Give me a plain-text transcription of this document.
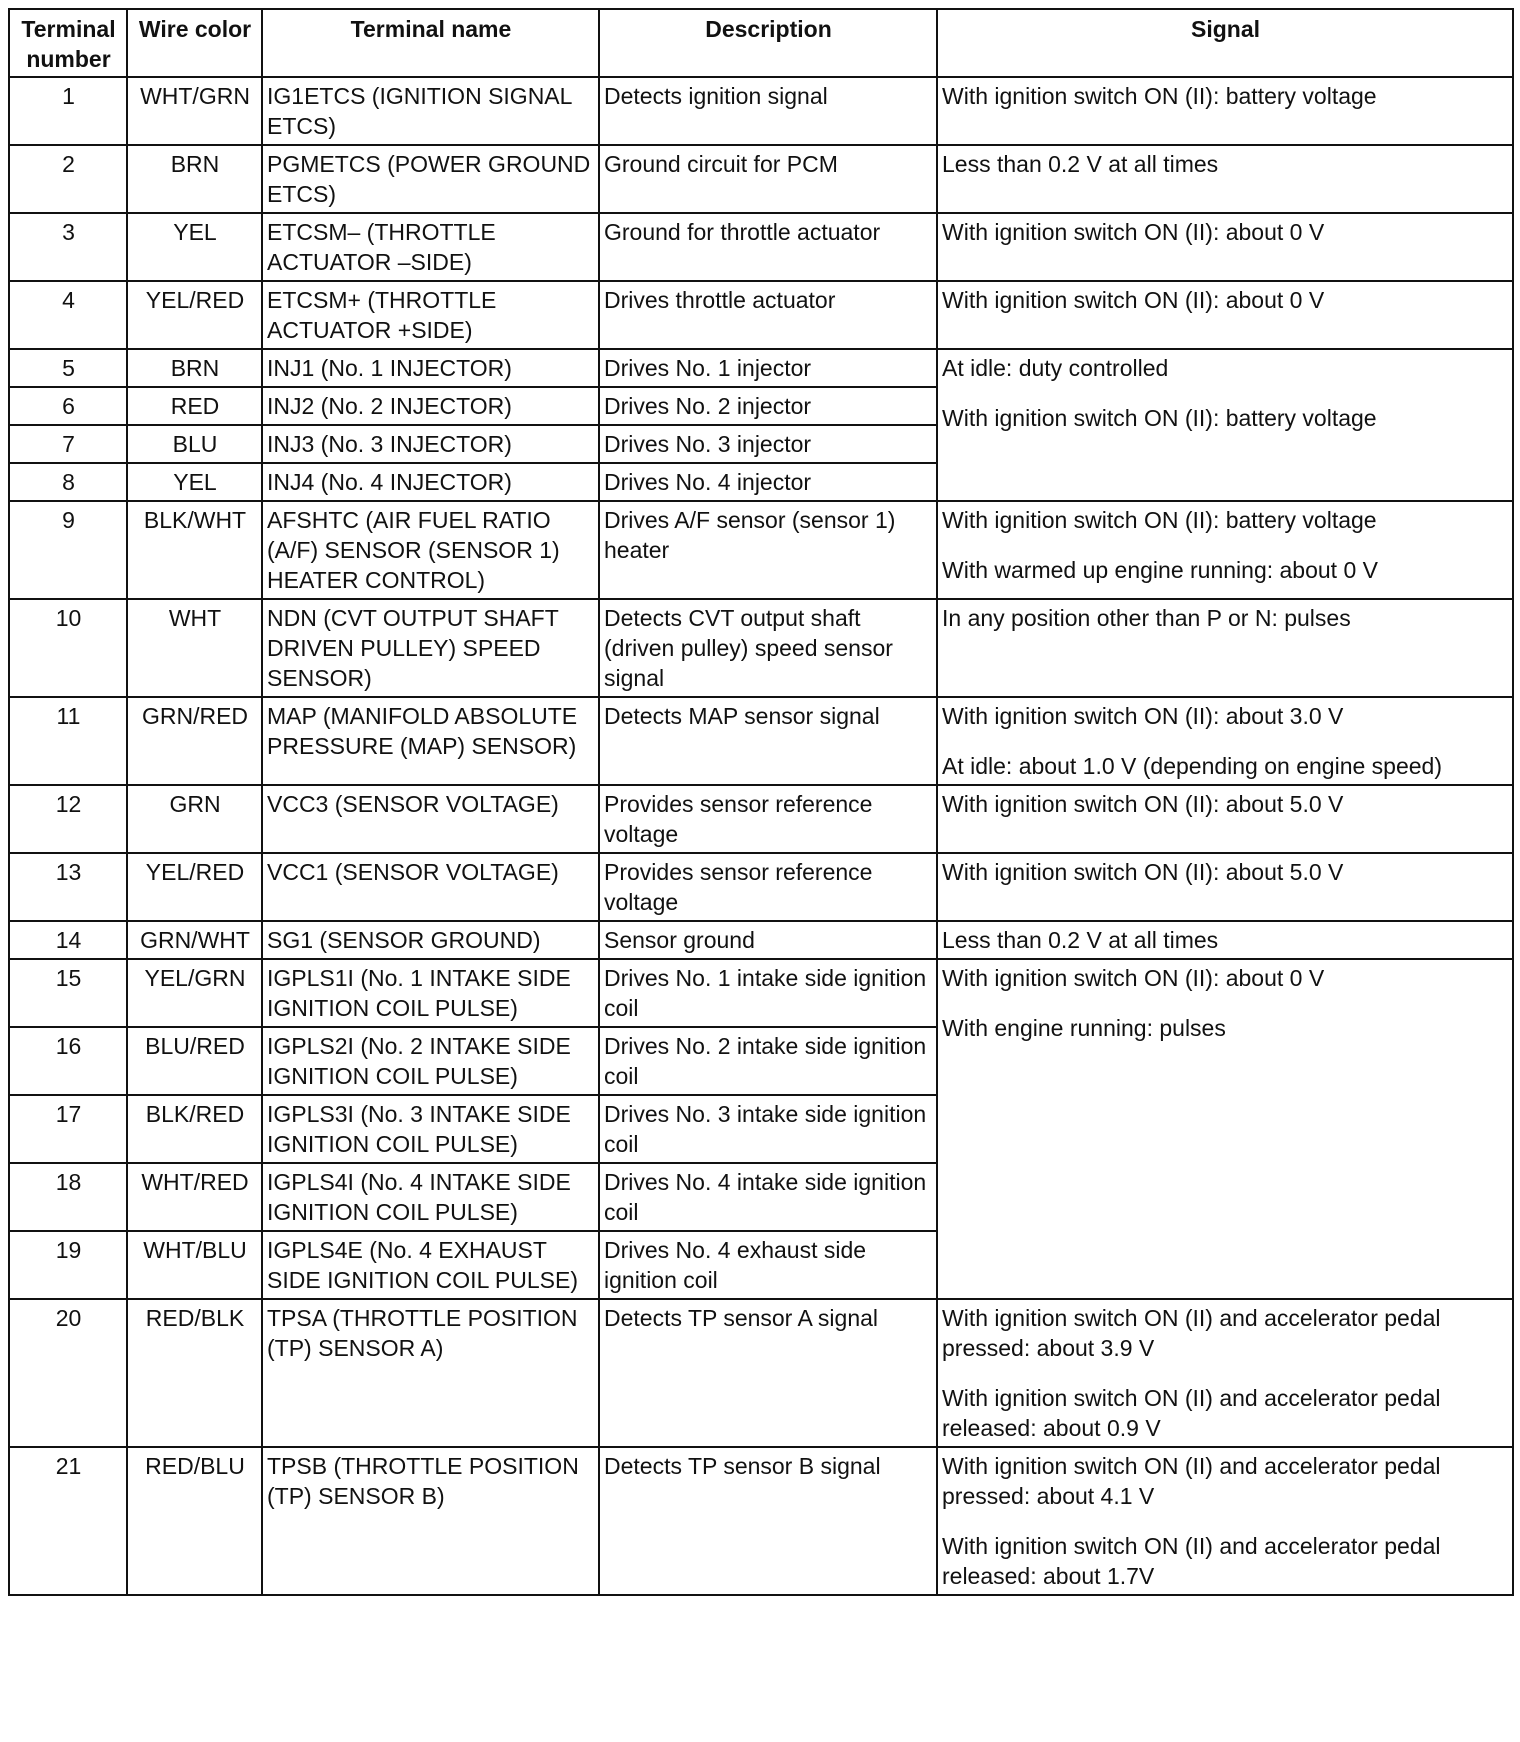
Terminal number	Wire color	Terminal name	Description	Signal
1	WHT/GRN	IG1ETCS (IGNITION SIGNAL ETCS)	Detects ignition signal	With ignition switch ON (II): battery voltage

2	BRN	PGMETCS (POWER GROUND ETCS)	Ground circuit for PCM	Less than 0.2 V at all times

3	YEL	ETCSM– (THROTTLE ACTUATOR –SIDE)	Ground for throttle actuator	With ignition switch ON (II): about 0 V

4	YEL/RED	ETCSM+ (THROTTLE ACTUATOR +SIDE)	Drives throttle actuator	With ignition switch ON (II): about 0 V

5	BRN	INJ1 (No. 1 INJECTOR)	Drives No. 1 injector	At idle: duty controlled
With ignition switch ON (II): battery voltage

6	RED	INJ2 (No. 2 INJECTOR)	Drives No. 2 injector	
7	BLU	INJ3 (No. 3 INJECTOR)	Drives No. 3 injector	
8	YEL	INJ4 (No. 4 INJECTOR)	Drives No. 4 injector	
9	BLK/WHT	AFSHTC (AIR FUEL RATIO (A/F) SENSOR (SENSOR 1) HEATER CONTROL)	Drives A/F sensor (sensor 1) heater	With ignition switch ON (II): battery voltage
With warmed up engine running: about 0 V

10	WHT	NDN (CVT OUTPUT SHAFT DRIVEN PULLEY) SPEED SENSOR)	Detects CVT output shaft (driven pulley) speed sensor signal	In any position other than P or N: pulses

11	GRN/RED	MAP (MANIFOLD ABSOLUTE PRESSURE (MAP) SENSOR)	Detects MAP sensor signal	With ignition switch ON (II): about 3.0 V
At idle: about 1.0 V (depending on engine speed)

12	GRN	VCC3 (SENSOR VOLTAGE)	Provides sensor reference voltage	With ignition switch ON (II): about 5.0 V

13	YEL/RED	VCC1 (SENSOR VOLTAGE)	Provides sensor reference voltage	With ignition switch ON (II): about 5.0 V

14	GRN/WHT	SG1 (SENSOR GROUND)	Sensor ground	Less than 0.2 V at all times

15	YEL/GRN	IGPLS1I (No. 1 INTAKE SIDE IGNITION COIL PULSE)	Drives No. 1 intake side ignition coil	With ignition switch ON (II): about 0 V
With engine running: pulses

16	BLU/RED	IGPLS2I (No. 2 INTAKE SIDE IGNITION COIL PULSE)	Drives No. 2 intake side ignition coil	
17	BLK/RED	IGPLS3I (No. 3 INTAKE SIDE IGNITION COIL PULSE)	Drives No. 3 intake side ignition coil	
18	WHT/RED	IGPLS4I (No. 4 INTAKE SIDE IGNITION COIL PULSE)	Drives No. 4 intake side ignition coil	
19	WHT/BLU	IGPLS4E (No. 4 EXHAUST SIDE IGNITION COIL PULSE)	Drives No. 4 exhaust side ignition coil	
20	RED/BLK	TPSA (THROTTLE POSITION (TP) SENSOR A)	Detects TP sensor A signal	With ignition switch ON (II) and accelerator pedal pressed: about 3.9 V
With ignition switch ON (II) and accelerator pedal released: about 0.9 V

21	RED/BLU	TPSB (THROTTLE POSITION (TP) SENSOR B)	Detects TP sensor B signal	With ignition switch ON (II) and accelerator pedal pressed: about 4.1 V
With ignition switch ON (II) and accelerator pedal released: about 1.7V
